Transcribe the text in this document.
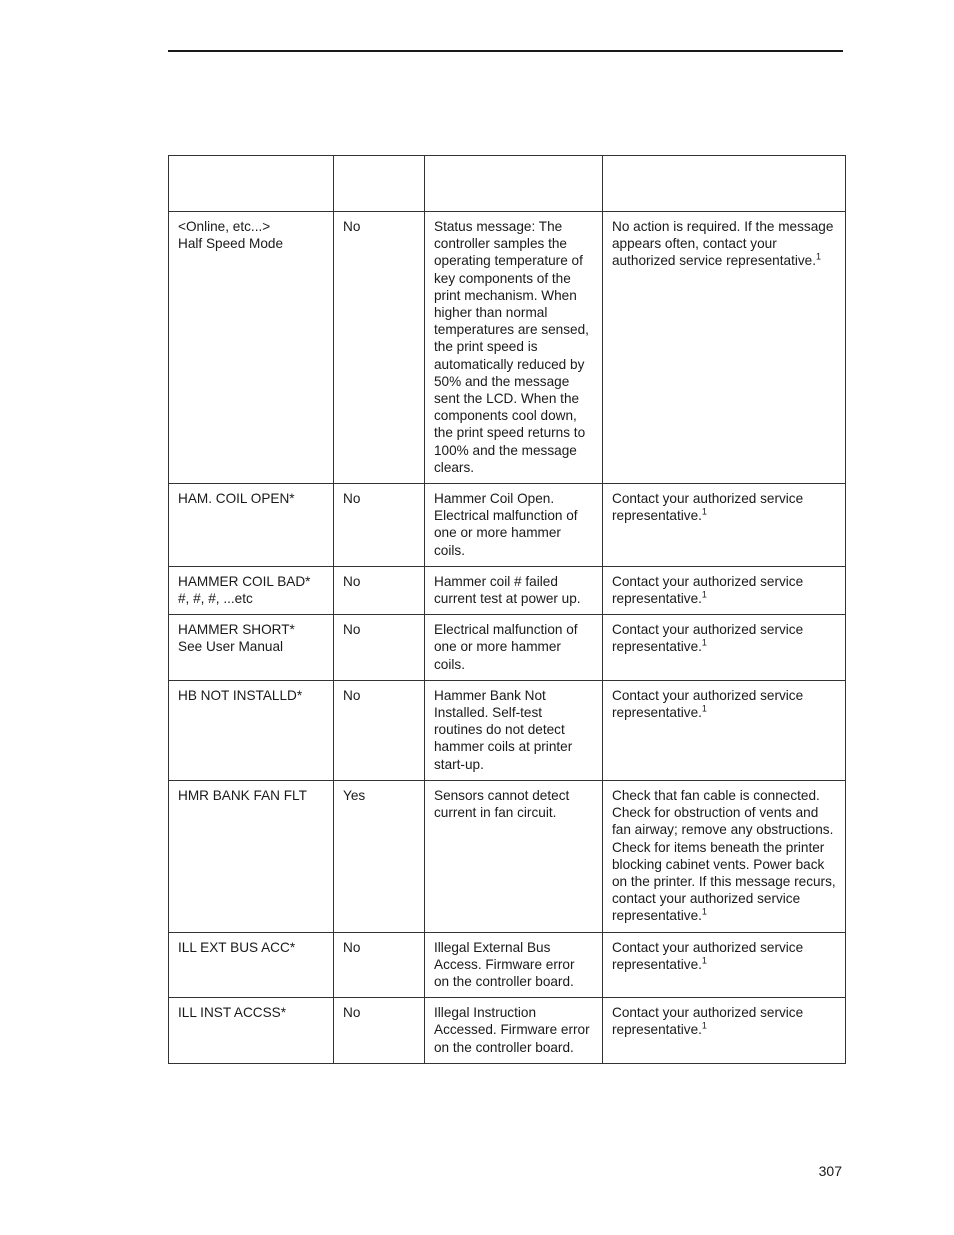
<Online, etc...>
Half Speed Mode	No	Status message: The controller samples the operating temperature of key components of the print mechanism. When higher than normal temperatures are sensed, the print speed is automatically reduced by 50% and the message sent the LCD. When the components cool down, the print speed returns to 100% and the message clears.	No action is required. If the message appears often, contact your authorized service representative.$^1$

HAM. COIL OPEN*	No	Hammer Coil Open. Electrical malfunction of one or more hammer coils.	Contact your authorized service representative.$^1$

HAMMER COIL BAD*
#, #, #, ...etc	No	Hammer coil # failed current test at power up.	Contact your authorized service representative.$^1$

HAMMER SHORT*
See User Manual	No	Electrical malfunction of one or more hammer coils.	Contact your authorized service representative.$^1$

HB NOT INSTALLD*	No	Hammer Bank Not Installed. Self-test routines do not detect hammer coils at printer start-up.	Contact your authorized service representative.$^1$

HMR BANK FAN FLT	Yes	Sensors cannot detect current in fan circuit.	Check that fan cable is connected. Check for obstruction of vents and fan airway; remove any obstructions. Check for items beneath the printer blocking cabinet vents. Power back on the printer. If this message recurs, contact your authorized service representative.$^1$

ILL EXT BUS ACC*	No	Illegal External Bus Access. Firmware error on the controller board.	Contact your authorized service representative.$^1$

ILL INST ACCSS*	No	Illegal Instruction Accessed. Firmware error on the controller board.	Contact your authorized service representative.$^1$
307
